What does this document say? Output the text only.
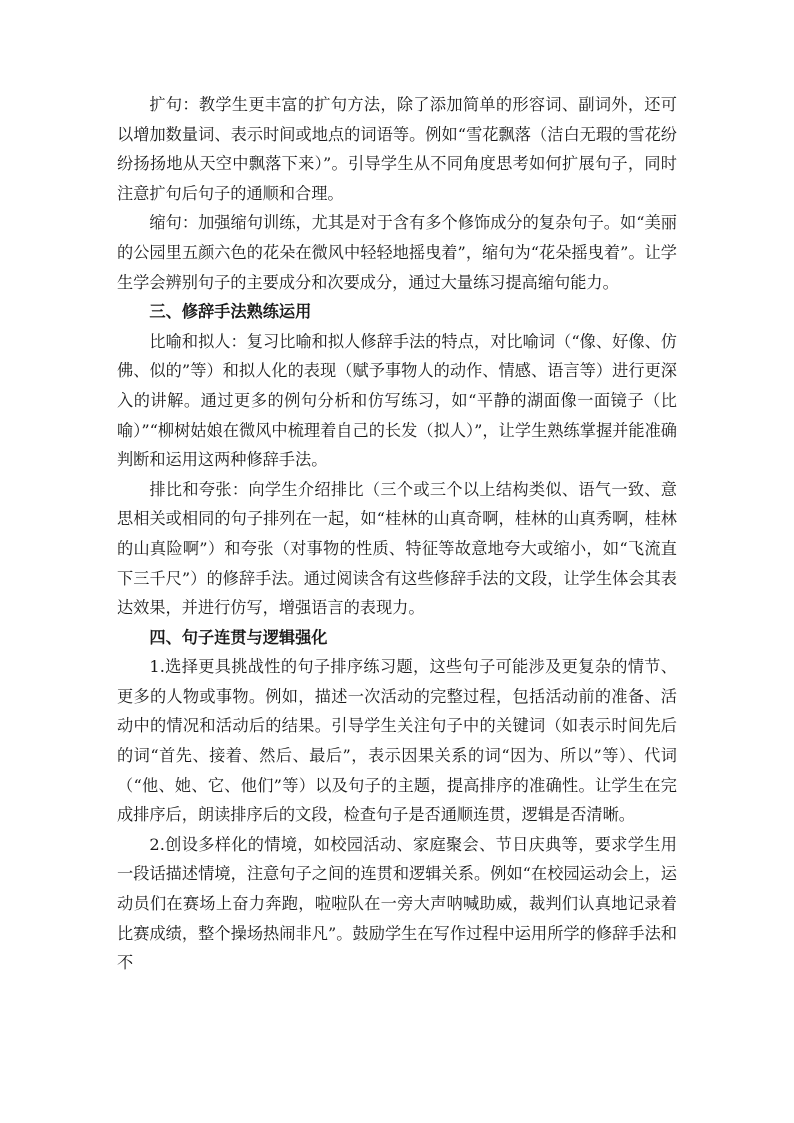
扩句：教学生更丰富的扩句方法，除了添加简单的形容词、副词外，还可以增加数量词、表示时间或地点的词语等。例如“雪花飘落（洁白无瑕的雪花纷纷扬扬地从天空中飘落下来）”。引导学生从不同角度思考如何扩展句子，同时注意扩句后句子的通顺和合理。

缩句：加强缩句训练，尤其是对于含有多个修饰成分的复杂句子。如“美丽的公园里五颜六色的花朵在微风中轻轻地摇曳着”，缩句为“花朵摇曳着”。让学生学会辨别句子的主要成分和次要成分，通过大量练习提高缩句能力。

三、修辞手法熟练运用

比喻和拟人：复习比喻和拟人修辞手法的特点，对比喻词（“像、好像、仿佛、似的”等）和拟人化的表现（赋予事物人的动作、情感、语言等）进行更深入的讲解。通过更多的例句分析和仿写练习，如“平静的湖面像一面镜子（比喻）”“柳树姑娘在微风中梳理着自己的长发（拟人）”，让学生熟练掌握并能准确判断和运用这两种修辞手法。

排比和夸张：向学生介绍排比（三个或三个以上结构类似、语气一致、意思相关或相同的句子排列在一起，如“桂林的山真奇啊，桂林的山真秀啊，桂林的山真险啊”）和夸张（对事物的性质、特征等故意地夸大或缩小，如“飞流直下三千尺”）的修辞手法。通过阅读含有这些修辞手法的文段，让学生体会其表达效果，并进行仿写，增强语言的表现力。

四、句子连贯与逻辑强化

1.选择更具挑战性的句子排序练习题，这些句子可能涉及更复杂的情节、更多的人物或事物。例如，描述一次活动的完整过程，包括活动前的准备、活动中的情况和活动后的结果。引导学生关注句子中的关键词（如表示时间先后的词“首先、接着、然后、最后”，表示因果关系的词“因为、所以”等）、代词（“他、她、它、他们”等）以及句子的主题，提高排序的准确性。让学生在完成排序后，朗读排序后的文段，检查句子是否通顺连贯，逻辑是否清晰。

2.创设多样化的情境，如校园活动、家庭聚会、节日庆典等，要求学生用一段话描述情境，注意句子之间的连贯和逻辑关系。例如“在校园运动会上，运动员们在赛场上奋力奔跑，啦啦队在一旁大声呐喊助威，裁判们认真地记录着比赛成绩，整个操场热闹非凡”。鼓励学生在写作过程中运用所学的修辞手法和不
